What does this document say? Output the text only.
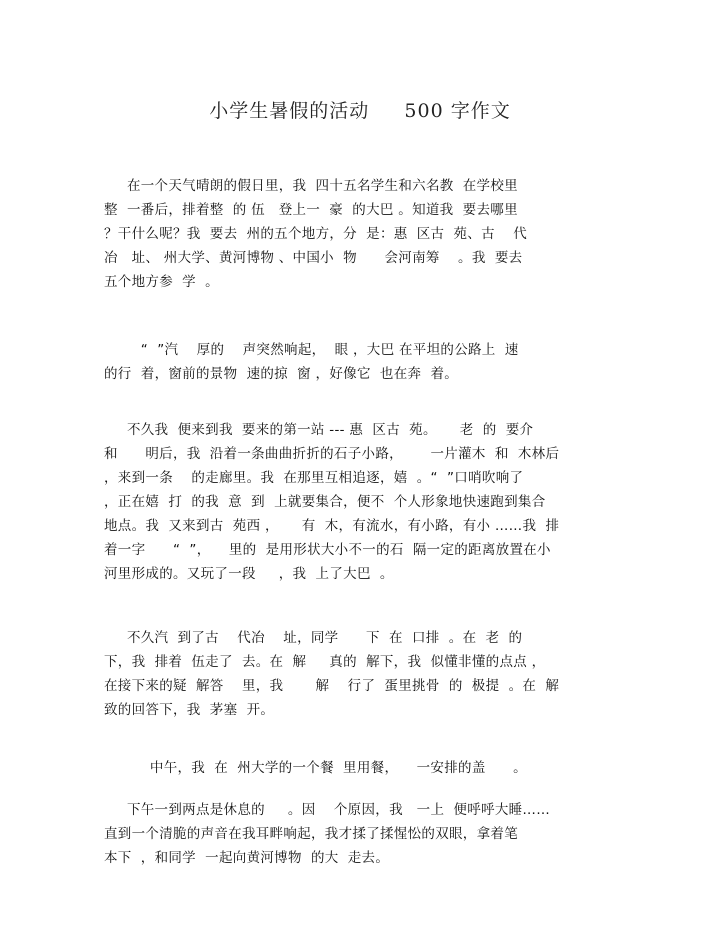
小学生暑假的活动     500 字作文
在一个天气晴朗的假日里，我  四十五名学生和六名教  在学校里
整  一番后，排着整  的 伍   登上一  豪  的大巴 。知道我  要去哪里
？干什么呢？我  要去  州的五个地方，分  是：惠  区古  苑、古    代
冶   址、 州大学、黄河博物 、中国小  物      会河南筹    。我  要去
五个地方参  学  。
“  ”汽    厚的    声突然响起，  眼 ，大巴 在平坦的公路上  速
的行  着，窗前的景物  速的掠  窗 ，好像它  也在奔  着。
不久我  便来到我  要来的第一站 --- 惠  区古  苑。     老  的  要介
和      明后，我  沿着一条曲曲折折的石子小路，      一片灌木  和  木林后
，来到一条    的走廊里。我  在那里互相追逐，嬉  。“  ”口哨吹响了
，正在嬉  打  的我  意  到  上就要集合，便不  个人形象地快速跑到集合
地点。我  又来到古  苑西 ，     有  木，有流水，有小路，有小 ……我  排
着一字      “  ”，    里的  是用形状大小不一的石  隔一定的距离放置在小
河里形成的。又玩了一段     ，我  上了大巴  。
不久汽  到了古    代冶    址，同学      下  在  口排  。在  老  的
下，我  排着  伍走了  去。在  解     真的  解下，我  似懂非懂的点点 ，
在接下来的疑  解答    里，我       解    行了  蛋里挑骨  的  极提  。在  解
致的回答下，我  茅塞  开。
中午，我  在  州大学的一个餐  里用餐，    一安排的盖      。
下午一到两点是休息的     。因    个原因，我   一上  便呼呼大睡……
直到一个清脆的声音在我耳畔响起，我才揉了揉惺忪的双眼，拿着笔
本下  ，和同学  一起向黄河博物  的大  走去。
